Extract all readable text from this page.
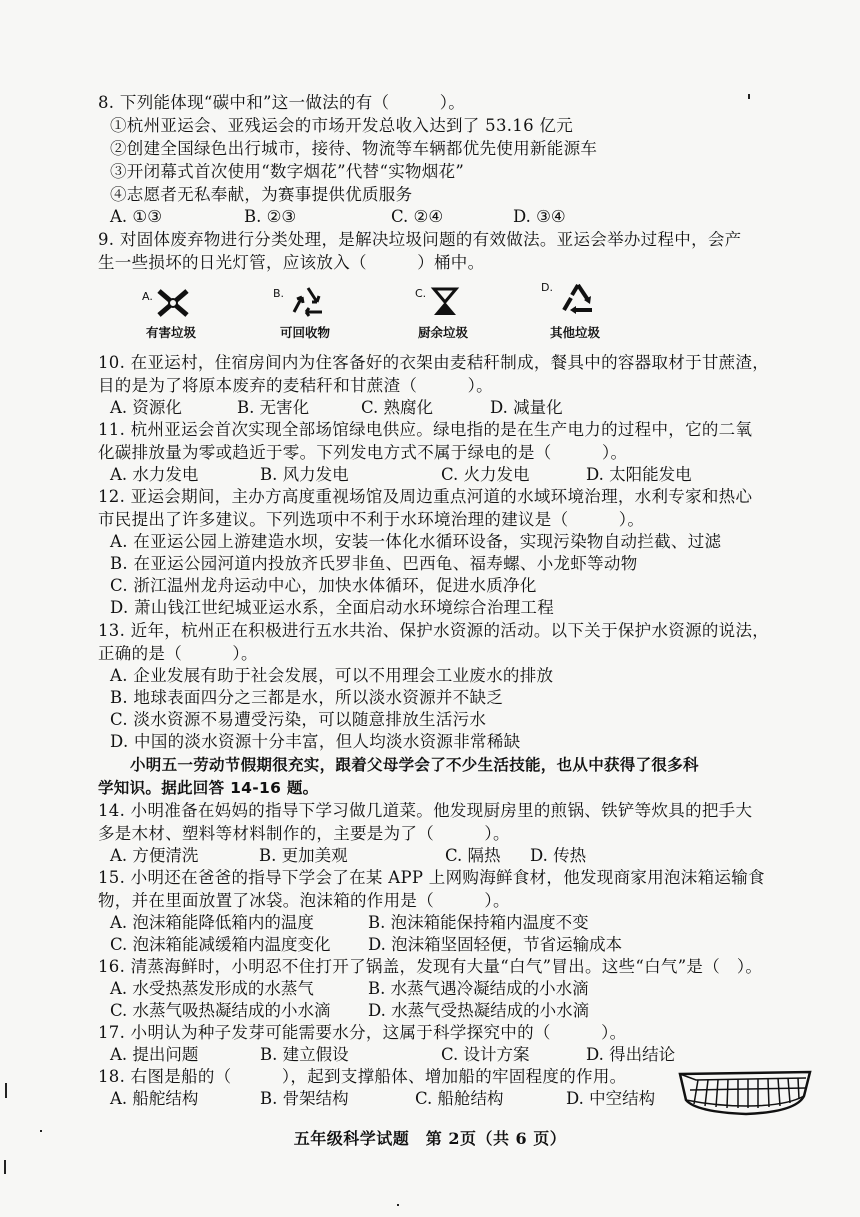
8. 下列能体现“碳中和”这一做法的有（　　　）。
①杭州亚运会、亚残运会的市场开发总收入达到了 53.16 亿元
②创建全国绿色出行城市，接待、物流等车辆都优先使用新能源车
③开闭幕式首次使用“数字烟花”代替“实物烟花”
④志愿者无私奉献，为赛事提供优质服务
A. ①③	B. ②③	C. ②④	D. ③④
9. 对固体废弃物进行分类处理，是解决垃圾问题的有效做法。亚运会举办过程中，会产
生一些损坏的日光灯管，应该放入（　　　）桶中。
A.
有害垃圾
B.
可回收物
C.
厨余垃圾
D.
其他垃圾
10. 在亚运村，住宿房间内为住客备好的衣架由麦秸秆制成，餐具中的容器取材于甘蔗渣，
目的是为了将原本废弃的麦秸秆和甘蔗渣（　　　）。
A. 资源化	B. 无害化	C. 熟腐化	D. 减量化
11. 杭州亚运会首次实现全部场馆绿电供应。绿电指的是在生产电力的过程中，它的二氧
化碳排放量为零或趋近于零。下列发电方式不属于绿电的是（　　　）。
A. 水力发电	B. 风力发电	C. 火力发电	D. 太阳能发电
12. 亚运会期间，主办方高度重视场馆及周边重点河道的水域环境治理，水利专家和热心
市民提出了许多建议。下列选项中不利于水环境治理的建议是（　　　）。
A. 在亚运公园上游建造水坝，安装一体化水循环设备，实现污染物自动拦截、过滤
B. 在亚运公园河道内投放齐氏罗非鱼、巴西龟、福寿螺、小龙虾等动物
C. 浙江温州龙舟运动中心，加快水体循环，促进水质净化
D. 萧山钱江世纪城亚运水系，全面启动水环境综合治理工程
13. 近年，杭州正在积极进行五水共治、保护水资源的活动。以下关于保护水资源的说法，
正确的是（　　　）。
A. 企业发展有助于社会发展，可以不用理会工业废水的排放
B. 地球表面四分之三都是水，所以淡水资源并不缺乏
C. 淡水资源不易遭受污染，可以随意排放生活污水
D. 中国的淡水资源十分丰富，但人均淡水资源非常稀缺
小明五一劳动节假期很充实，跟着父母学会了不少生活技能，也从中获得了很多科
学知识。据此回答 14-16 题。
14. 小明准备在妈妈的指导下学习做几道菜。他发现厨房里的煎锅、铁铲等炊具的把手大
多是木材、塑料等材料制作的，主要是为了（　　　）。
A. 方便清洗	B. 更加美观	C. 隔热 D. 传热
15. 小明还在爸爸的指导下学会了在某 APP 上网购海鲜食材，他发现商家用泡沫箱运输食
物，并在里面放置了冰袋。泡沫箱的作用是（　　　）。
A. 泡沫箱能降低箱内的温度	B. 泡沫箱能保持箱内温度不变
C. 泡沫箱能减缓箱内温度变化 D. 泡沫箱坚固轻便，节省运输成本
16. 清蒸海鲜时，小明忍不住打开了锅盖，发现有大量“白气”冒出。这些“白气”是（　）。
A. 水受热蒸发形成的水蒸气	B. 水蒸气遇冷凝结成的小水滴
C. 水蒸气吸热凝结成的小水滴 D. 水蒸气受热凝结成的小水滴
17. 小明认为种子发芽可能需要水分，这属于科学探究中的（　　　）。
A. 提出问题	B. 建立假设	C. 设计方案	D. 得出结论
18. 右图是船的（　　　），起到支撑船体、增加船的牢固程度的作用。
A. 船舵结构	B. 骨架结构	C. 船舱结构	D. 中空结构
五年级科学试题　第 2页（共 6 页）
